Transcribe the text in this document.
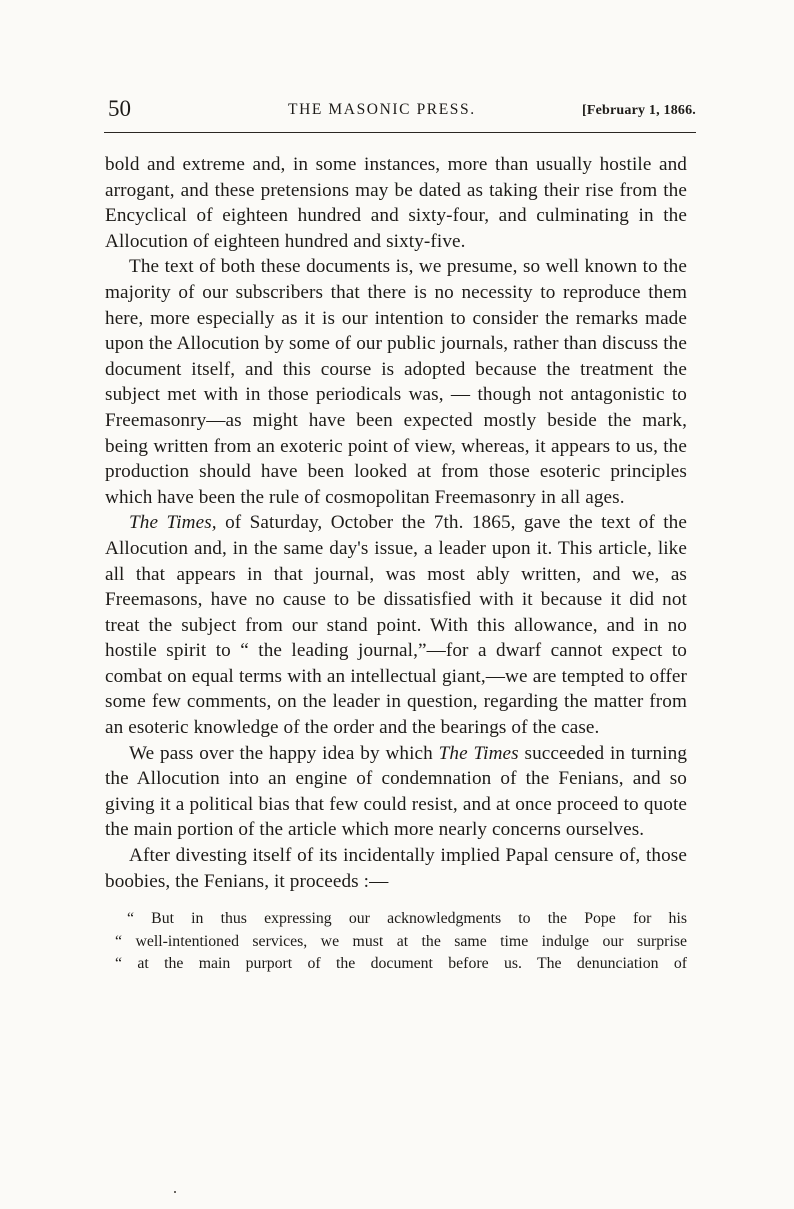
50	THE MASONIC PRESS.	[February 1, 1866.

bold and extreme and, in some instances, more than usually hostile and arrogant, and these pretensions may be dated as taking their rise from the Encyclical of eighteen hundred and sixty-four, and culminating in the Allocution of eighteen hundred and sixty-five.

The text of both these documents is, we presume, so well known to the majority of our subscribers that there is no necessity to reproduce them here, more especially as it is our intention to consider the remarks made upon the Allocution by some of our public journals, rather than discuss the document itself, and this course is adopted because the treatment the subject met with in those periodicals was, — though not antagonistic to Freemasonry—as might have been expected mostly beside the mark, being written from an exoteric point of view, whereas, it appears to us, the production should have been looked at from those esoteric principles which have been the rule of cosmopolitan Freemasonry in all ages.

The Times, of Saturday, October the 7th. 1865, gave the text of the Allocution and, in the same day's issue, a leader upon it. This article, like all that appears in that journal, was most ably written, and we, as Freemasons, have no cause to be dissatisfied with it because it did not treat the subject from our stand point. With this allowance, and in no hostile spirit to “ the leading journal,”—for a dwarf cannot expect to combat on equal terms with an intellectual giant,—we are tempted to offer some few comments, on the leader in question, regarding the matter from an esoteric knowledge of the order and the bearings of the case.

We pass over the happy idea by which The Times succeeded in turning the Allocution into an engine of condemnation of the Fenians, and so giving it a political bias that few could resist, and at once proceed to quote the main portion of the article which more nearly concerns ourselves.

After divesting itself of its incidentally implied Papal censure of, those boobies, the Fenians, it proceeds :—

“ But in thus expressing our acknowledgments to the Pope for his
“ well-intentioned services, we must at the same time indulge our surprise
“ at the main purport of the document before us. The denunciation of
